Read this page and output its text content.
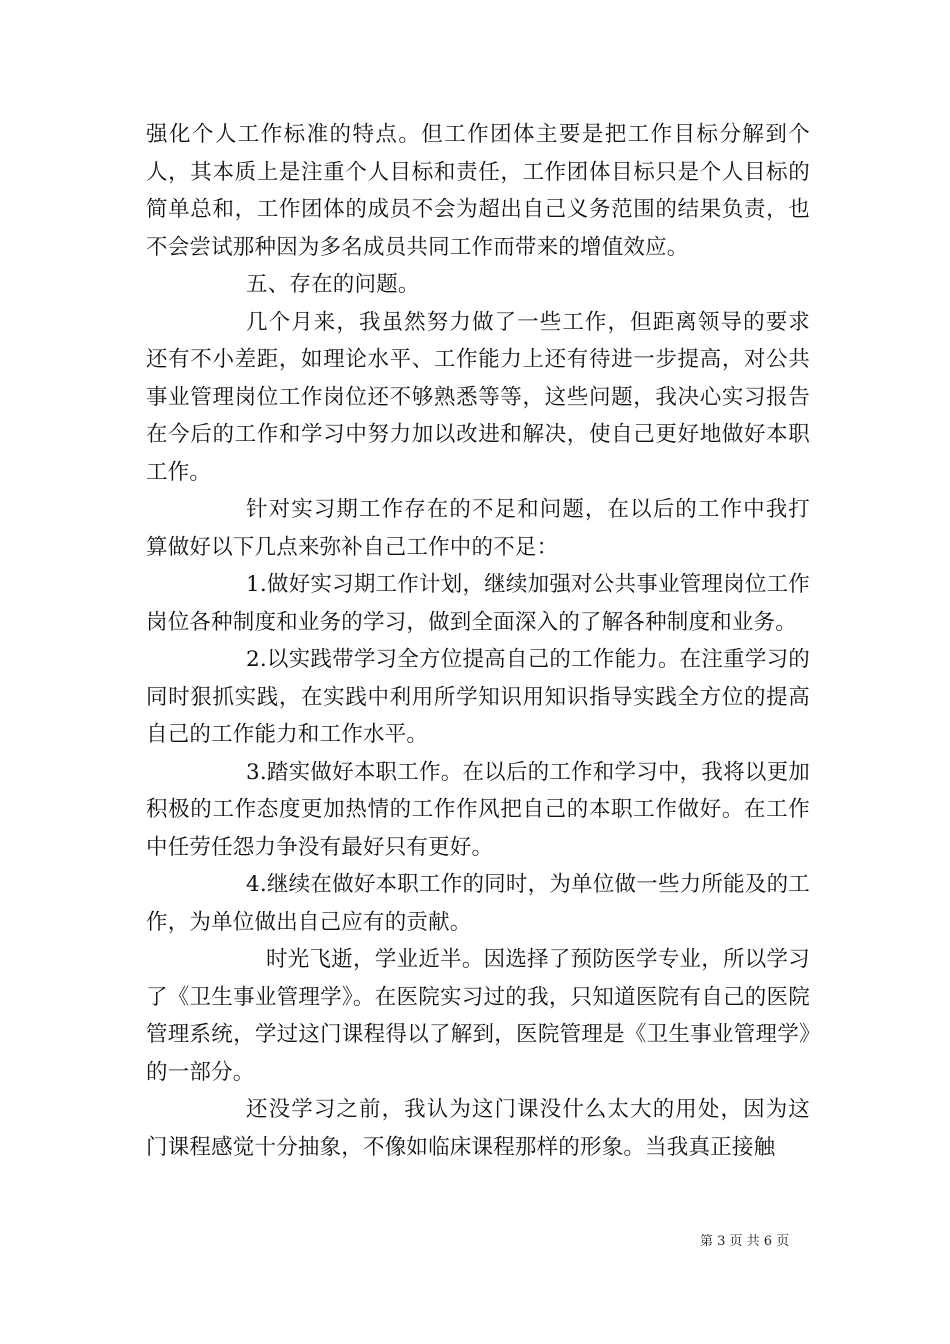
强化个人工作标准的特点。但工作团体主要是把工作目标分解到个人，其本质上是注重个人目标和责任，工作团体目标只是个人目标的简单总和，工作团体的成员不会为超出自己义务范围的结果负责，也不会尝试那种因为多名成员共同工作而带来的增值效应。

五、存在的问题。

几个月来，我虽然努力做了一些工作，但距离领导的要求还有不小差距，如理论水平、工作能力上还有待进一步提高，对公共事业管理岗位工作岗位还不够熟悉等等，这些问题，我决心实习报告在今后的工作和学习中努力加以改进和解决，使自己更好地做好本职工作。

针对实习期工作存在的不足和问题，在以后的工作中我打算做好以下几点来弥补自己工作中的不足：

1.做好实习期工作计划，继续加强对公共事业管理岗位工作岗位各种制度和业务的学习，做到全面深入的了解各种制度和业务。

2.以实践带学习全方位提高自己的工作能力。在注重学习的同时狠抓实践，在实践中利用所学知识用知识指导实践全方位的提高自己的工作能力和工作水平。

3.踏实做好本职工作。在以后的工作和学习中，我将以更加积极的工作态度更加热情的工作作风把自己的本职工作做好。在工作中任劳任怨力争没有最好只有更好。

4.继续在做好本职工作的同时，为单位做一些力所能及的工作，为单位做出自己应有的贡献。

时光飞逝，学业近半。因选择了预防医学专业，所以学习了《卫生事业管理学》。在医院实习过的我，只知道医院有自己的医院管理系统，学过这门课程得以了解到，医院管理是《卫生事业管理学》的一部分。

还没学习之前，我认为这门课没什么太大的用处，因为这门课程感觉十分抽象，不像如临床课程那样的形象。当我真正接触

第 3 页 共 6 页
